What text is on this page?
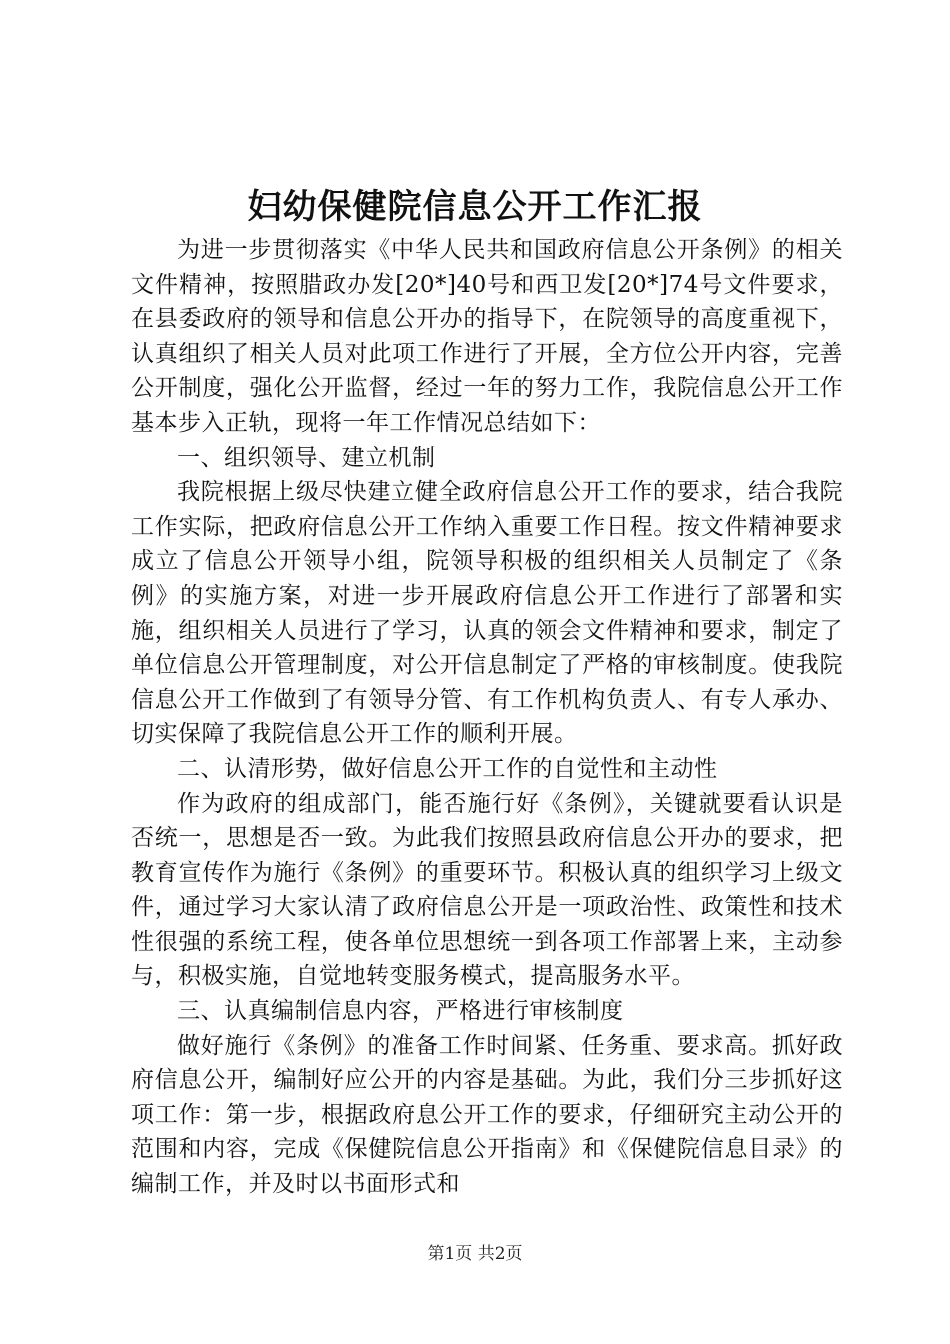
妇幼保健院信息公开工作汇报

为进一步贯彻落实《中华人民共和国政府信息公开条例》的相关文件精神，按照腊政办发[20*]40号和西卫发[20*]74号文件要求，在县委政府的领导和信息公开办的指导下，在院领导的高度重视下，认真组织了相关人员对此项工作进行了开展，全方位公开内容，完善公开制度，强化公开监督，经过一年的努力工作，我院信息公开工作基本步入正轨，现将一年工作情况总结如下：

一、组织领导、建立机制

我院根据上级尽快建立健全政府信息公开工作的要求，结合我院工作实际，把政府信息公开工作纳入重要工作日程。按文件精神要求成立了信息公开领导小组，院领导积极的组织相关人员制定了《条例》的实施方案，对进一步开展政府信息公开工作进行了部署和实施，组织相关人员进行了学习，认真的领会文件精神和要求，制定了单位信息公开管理制度，对公开信息制定了严格的审核制度。使我院信息公开工作做到了有领导分管、有工作机构负责人、有专人承办、切实保障了我院信息公开工作的顺利开展。

二、认清形势，做好信息公开工作的自觉性和主动性

作为政府的组成部门，能否施行好《条例》，关键就要看认识是否统一，思想是否一致。为此我们按照县政府信息公开办的要求，把教育宣传作为施行《条例》的重要环节。积极认真的组织学习上级文件，通过学习大家认清了政府信息公开是一项政治性、政策性和技术性很强的系统工程，使各单位思想统一到各项工作部署上来，主动参与，积极实施，自觉地转变服务模式，提高服务水平。

三、认真编制信息内容，严格进行审核制度

做好施行《条例》的准备工作时间紧、任务重、要求高。抓好政府信息公开，编制好应公开的内容是基础。为此，我们分三步抓好这项工作：第一步，根据政府息公开工作的要求，仔细研究主动公开的范围和内容，完成《保健院信息公开指南》和《保健院信息目录》的编制工作，并及时以书面形式和

第1页 共2页
